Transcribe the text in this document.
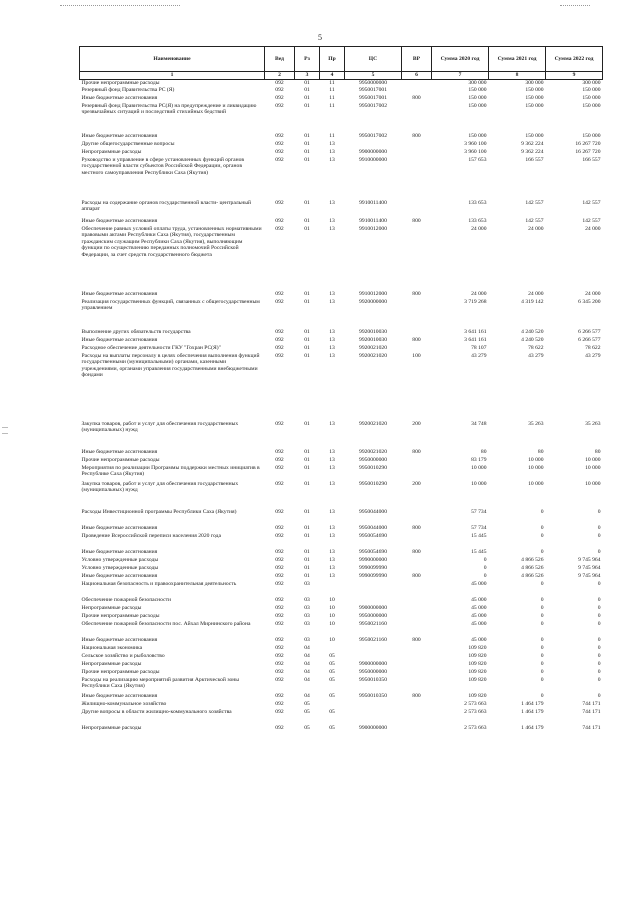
5
Наименование	Вед	Рз	Пр	ЦС	ВР	Сумма 2020 год	Сумма 2021 год	Сумма 2022 год
1	2	3	4	5	6	7	8	9
Прочие непрограммные расходы	092	01	11	9950000000		300 000	300 000	300 000
Резервный фонд Правительства РС (Я)	092	01	11	9950017001		150 000	150 000	150 000
Иные бюджетные ассигнования	092	01	11	9950017001	800	150 000	150 000	150 000
Резервный фонд Правительства РС(Я) на предупреждение и ликвидацию чрезвычайных ситуаций и последствий стихийных бедствий	092	01	11	9950017002		150 000	150 000	150 000
Иные бюджетные ассигнования	092	01	11	9950017002	800	150 000	150 000	150 000
Другие общегосударственные вопросы	092	01	13			3 960 100	9 362 224	16 267 720
Непрограммные расходы	092	01	13	9900000000		3 960 100	9 362 224	16 267 720
Руководство и управление в сфере установленных функций органов государственной власти субъектов Российской Федерации, органов местного самоуправления Республики Саха (Якутия)	092	01	13	9910000000		157 653	166 557	166 557
Расходы на содержание органов государственной власти- центральный аппарат	092	01	13	9910011400		133 653	142 557	142 557
Иные бюджетные ассигнования	092	01	13	9910011400	800	133 653	142 557	142 557
Обеспечение равных условий оплаты труда, установленных нормативными правовыми актами Республики Саха (Якутия), государственным гражданским служащим Республики Саха (Якутия), выполняющим функции по осуществлению переданных полномочий Российской Федерации, за счет средств государственного бюджета	092	01	13	9910012000		24 000	24 000	24 000
Иные бюджетные ассигнования	092	01	13	9910012000	800	24 000	24 000	24 000
Реализация государственных функций, связанных с общегосударственным управлением	092	01	13	9920000000		3 719 268	4 319 142	6 345 200
Выполнение других обязательств государства	092	01	13	9920010030		3 641 161	4 240 520	6 266 577
Иные бюджетные ассигнования	092	01	13	9920010030	800	3 641 161	4 240 520	6 266 577
Расходное обеспечение деятельности ГКУ "Гохран РС(Я)"	092	01	13	9920021020		78 107	78 622	78 622
Расходы на выплаты персоналу в целях обеспечения выполнения функций государственными (муниципальными) органами, казенными учреждениями, органами управления государственными внебюджетными фондами	092	01	13	9920021020	100	43 279	43 279	43 279
Закупка товаров, работ и услуг для обеспечения государственных (муниципальных) нужд	092	01	13	9920021020	200	34 748	35 263	35 263
Иные бюджетные ассигнования	092	01	13	9920021020	800	80	80	80
Прочие непрограммные расходы	092	01	13	9950000000		83 179	10 000	10 000
Мероприятия по реализации Программы поддержки местных инициатив в Республике Саха (Якутия)	092	01	13	9950010290		10 000	10 000	10 000
Закупка товаров, работ и услуг для обеспечения государственных (муниципальных) нужд	092	01	13	9950010290	200	10 000	10 000	10 000
Расходы Инвестиционной программы Республики Саха (Якутия)	092	01	13	9950044000		57 734	0	0
Иные бюджетные ассигнования	092	01	13	9950044000	800	57 734	0	0
Проведение Всероссийской переписи населения 2020 года	092	01	13	9950054690		15 445	0	0
Иные бюджетные ассигнования	092	01	13	9950054690	800	15 445	0	0
Условно утвержденные расходы	092	01	13	9990000000		0	4 866 526	9 745 964
Условно утвержденные расходы	092	01	13	9990099990		0	4 866 526	9 745 964
Иные бюджетные ассигнования	092	01	13	9990099990	800	0	4 866 526	9 745 964
Национальная безопасность и правоохранительная деятельность	092	03				45 000	0	0
Обеспечение пожарной безопасности	092	03	10			45 000	0	0
Непрограммные расходы	092	03	10	9900000000		45 000	0	0
Прочие непрограммные расходы	092	03	10	9950000000		45 000	0	0
Обеспечение пожарной безопасности пос. Айхал Мирнинского района	092	03	10	9950021160		45 000	0	0
Иные бюджетные ассигнования	092	03	10	9950021160	800	45 000	0	0
Национальная экономика	092	04				109 820	0	0
Сельское хозяйство и рыболовство	092	04	05			109 820	0	0
Непрограммные расходы	092	04	05	9900000000		109 820	0	0
Прочие непрограммные расходы	092	04	05	9950000000		109 820	0	0
Расходы на реализацию мероприятий развития Арктической зоны Республики Саха (Якутия)	092	04	05	9950010350		109 820	0	0
Иные бюджетные ассигнования	092	04	05	9950010350	800	109 820	0	0
Жилищно-коммунальное хозяйство	092	05				2 573 663	1 464 179	744 171
Другие вопросы в области жилищно-коммунального хозяйства	092	05	05			2 573 663	1 464 179	744 171
Непрограммные расходы	092	05	05	9900000000		2 573 663	1 464 179	744 171
